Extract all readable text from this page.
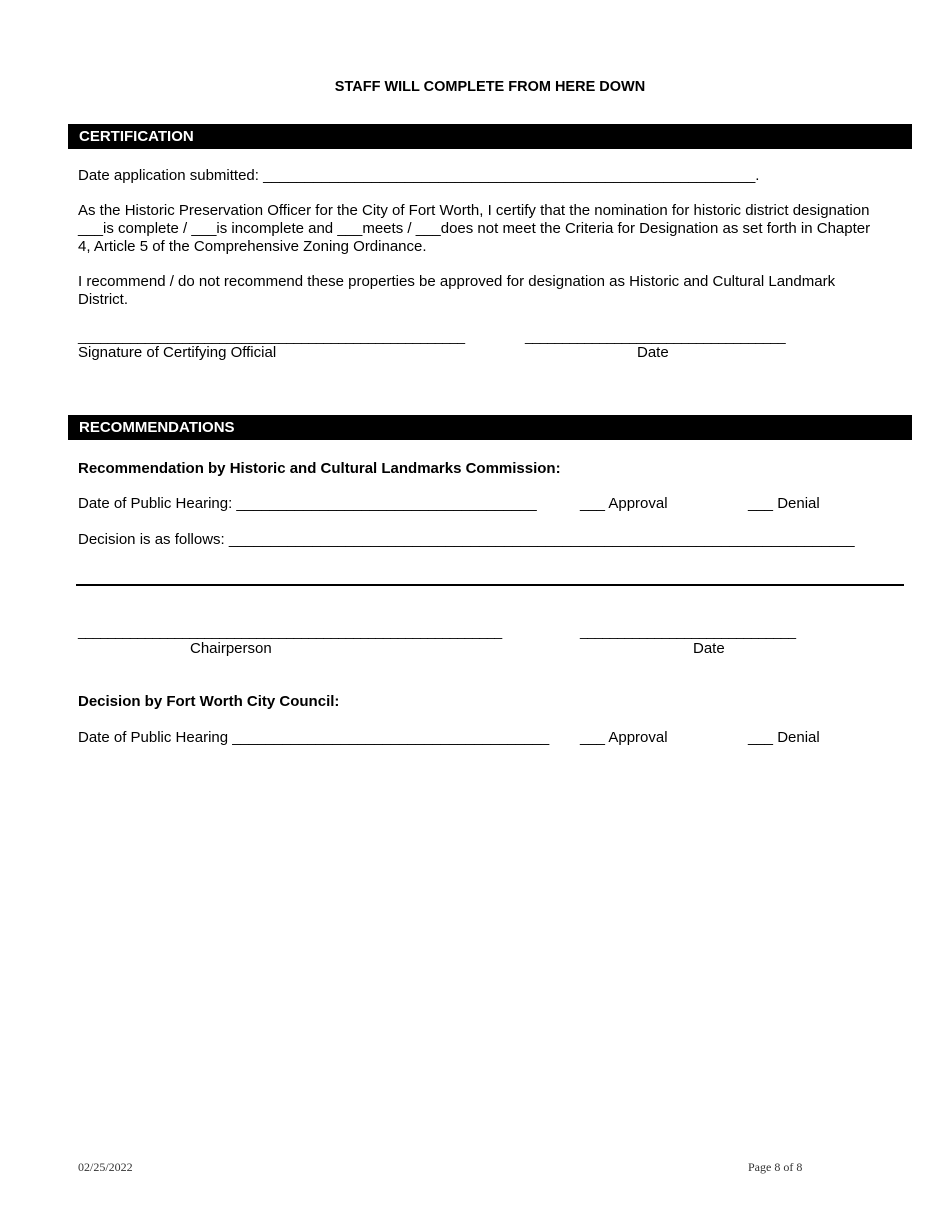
STAFF WILL COMPLETE FROM HERE DOWN
CERTIFICATION
Date application submitted: ___________________________________________________________.
As the Historic Preservation Officer for the City of Fort Worth, I certify that the nomination for historic district designation
___is complete / ___is incomplete and ___meets / ___does not meet the Criteria for Designation as set forth in Chapter
4, Article 5 of the Comprehensive Zoning Ordinance.
I recommend / do not recommend these properties be approved for designation as Historic and Cultural Landmark
District.
____________________________________________________	___________________________________
Signature of Certifying Official	Date
RECOMMENDATIONS
Recommendation by Historic and Cultural Landmarks Commission:
Date of Public Hearing: ____________________________________	___ Approval	___ Denial
Decision is as follows: ___________________________________________________________________________
_________________________________________________________	_____________________________
Chairperson	Date
Decision by Fort Worth City Council:
Date of Public Hearing ______________________________________ ___ Approval	___ Denial
02/25/2022	Page 8 of 8
